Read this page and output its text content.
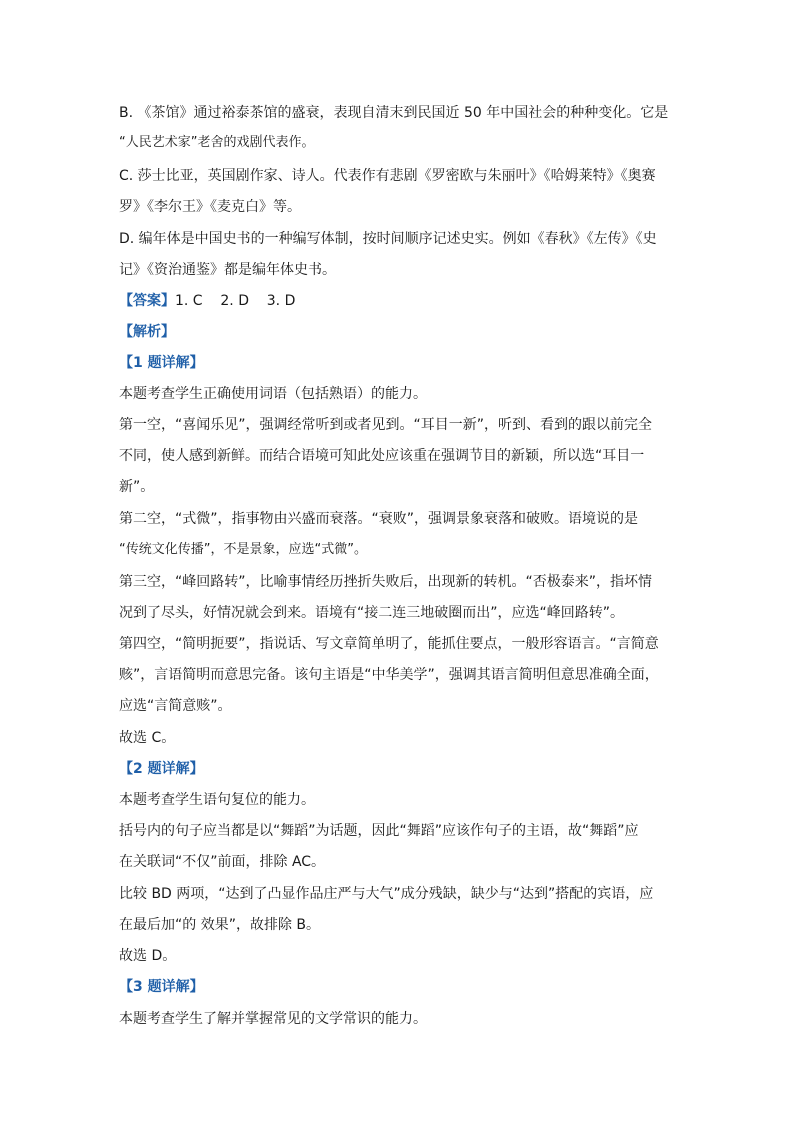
B. 《茶馆》通过裕泰茶馆的盛衰，表现自清末到民国近 50 年中国社会的种种变化。它是
“人民艺术家”老舍的戏剧代表作。
C. 莎士比亚，英国剧作家、诗人。代表作有悲剧《罗密欧与朱丽叶》《哈姆莱特》《奥赛
罗》《李尔王》《麦克白》等。
D. 编年体是中国史书的一种编写体制，按时间顺序记述史实。例如《春秋》《左传》《史
记》《资治通鉴》都是编年体史书。
【答案】1. C    2. D    3. D
【解析】
【1 题详解】
本题考查学生正确使用词语（包括熟语）的能力。
第一空，“喜闻乐见”，强调经常听到或者见到。“耳目一新”，听到、看到的跟以前完全
不同，使人感到新鲜。而结合语境可知此处应该重在强调节目的新颖，所以选“耳目一
新”。
第二空，“式微”，指事物由兴盛而衰落。“衰败”，强调景象衰落和破败。语境说的是
“传统文化传播”，不是景象，应选“式微”。
第三空，“峰回路转”，比喻事情经历挫折失败后，出现新的转机。“否极泰来”，指坏情
况到了尽头，好情况就会到来。语境有“接二连三地破圈而出”，应选“峰回路转”。
第四空，“简明扼要”，指说话、写文章简单明了，能抓住要点，一般形容语言。“言简意
赅”，言语简明而意思完备。该句主语是“中华美学”，强调其语言简明但意思准确全面，
应选“言简意赅”。
故选 C。
【2 题详解】
本题考查学生语句复位的能力。
括号内的句子应当都是以“舞蹈”为话题，因此“舞蹈”应该作句子的主语，故“舞蹈”应
在关联词“不仅”前面，排除 AC。
比较 BD 两项，“达到了凸显作品庄严与大气”成分残缺，缺少与“达到”搭配的宾语，应
在最后加“的 效果”，故排除 B。
故选 D。
【3 题详解】
本题考查学生了解并掌握常见的文学常识的能力。
